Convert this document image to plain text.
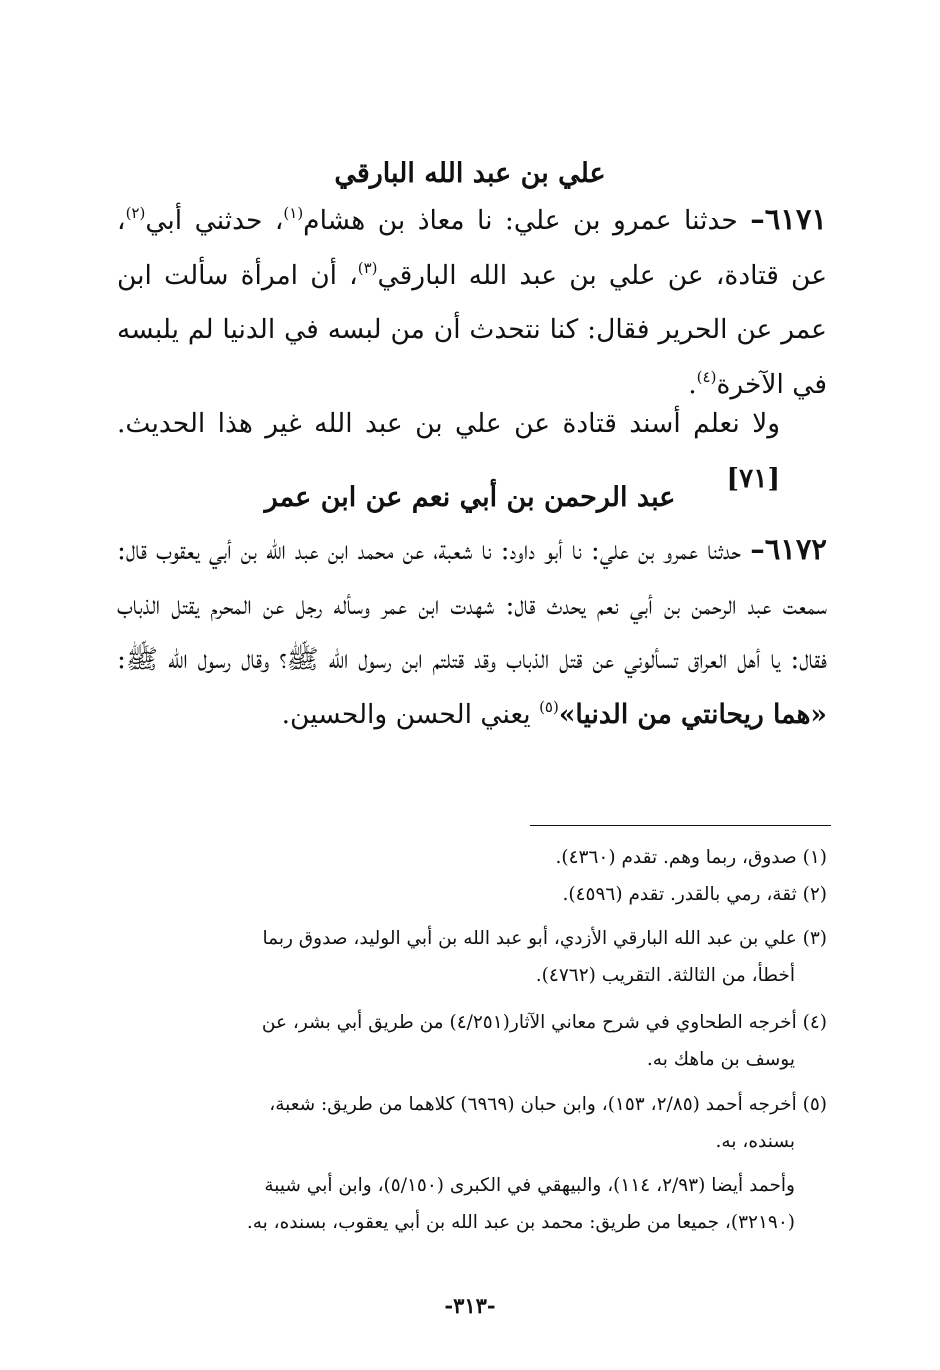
علي بن عبد الله البارقي
٦١٧١– حدثنا عمرو بن علي: نا معاذ بن هشام$^{(١)}$، حدثني أبي$^{(٢)}$، عن قتادة، عن علي بن عبد الله البارقي$^{(٣)}$، أن امرأة سألت ابن عمر عن الحرير فقال: كنا نتحدث أن من لبسه في الدنيا لم يلبسه في الآخرة$^{(٤)}$.
ولا نعلم أسند قتادة عن علي بن عبد الله غير هذا الحديث. [٧١]
عبد الرحمن بن أبي نعم عن ابن عمر
٦١٧٢– حدثنا عمرو بن علي: نا أبو داود: نا شعبة، عن محمد ابن عبد الله بن أبي يعقوب قال: سمعت عبد الرحمن بن أبي نعم يحدث قال: شهدت ابن عمر وسأله رجل عن المحرم يقتل الذباب فقال: يا أهل العراق تسألوني عن قتل الذباب وقد قتلتم ابن رسول الله ﷺ؟ وقال رسول الله ﷺ: «هما ريحانتي من الدنيا»$^{(٥)}$ يعني الحسن والحسين.
(١) صدوق، ربما وهم. تقدم (٤٣٦٠).
(٢) ثقة، رمي بالقدر. تقدم (٤٥٩٦).
(٣) علي بن عبد الله البارقي الأزدي، أبو عبد الله بن أبي الوليد، صدوق ربما
أخطأ، من الثالثة. التقريب (٤٧٦٢).
(٤) أخرجه الطحاوي في شرح معاني الآثار(٤/٢٥١) من طريق أبي بشر، عن
يوسف بن ماهك به.
(٥) أخرجه أحمد (٢/٨٥، ١٥٣)، وابن حبان (٦٩٦٩) كلاهما من طريق: شعبة،
بسنده، به.
وأحمد أيضا (٢/٩٣، ١١٤)، والبيهقي في الكبرى (٥/١٥٠)، وابن أبي شيبة
(٣٢١٩٠)، جميعا من طريق: محمد بن عبد الله بن أبي يعقوب، بسنده، به.
-٣١٣-
